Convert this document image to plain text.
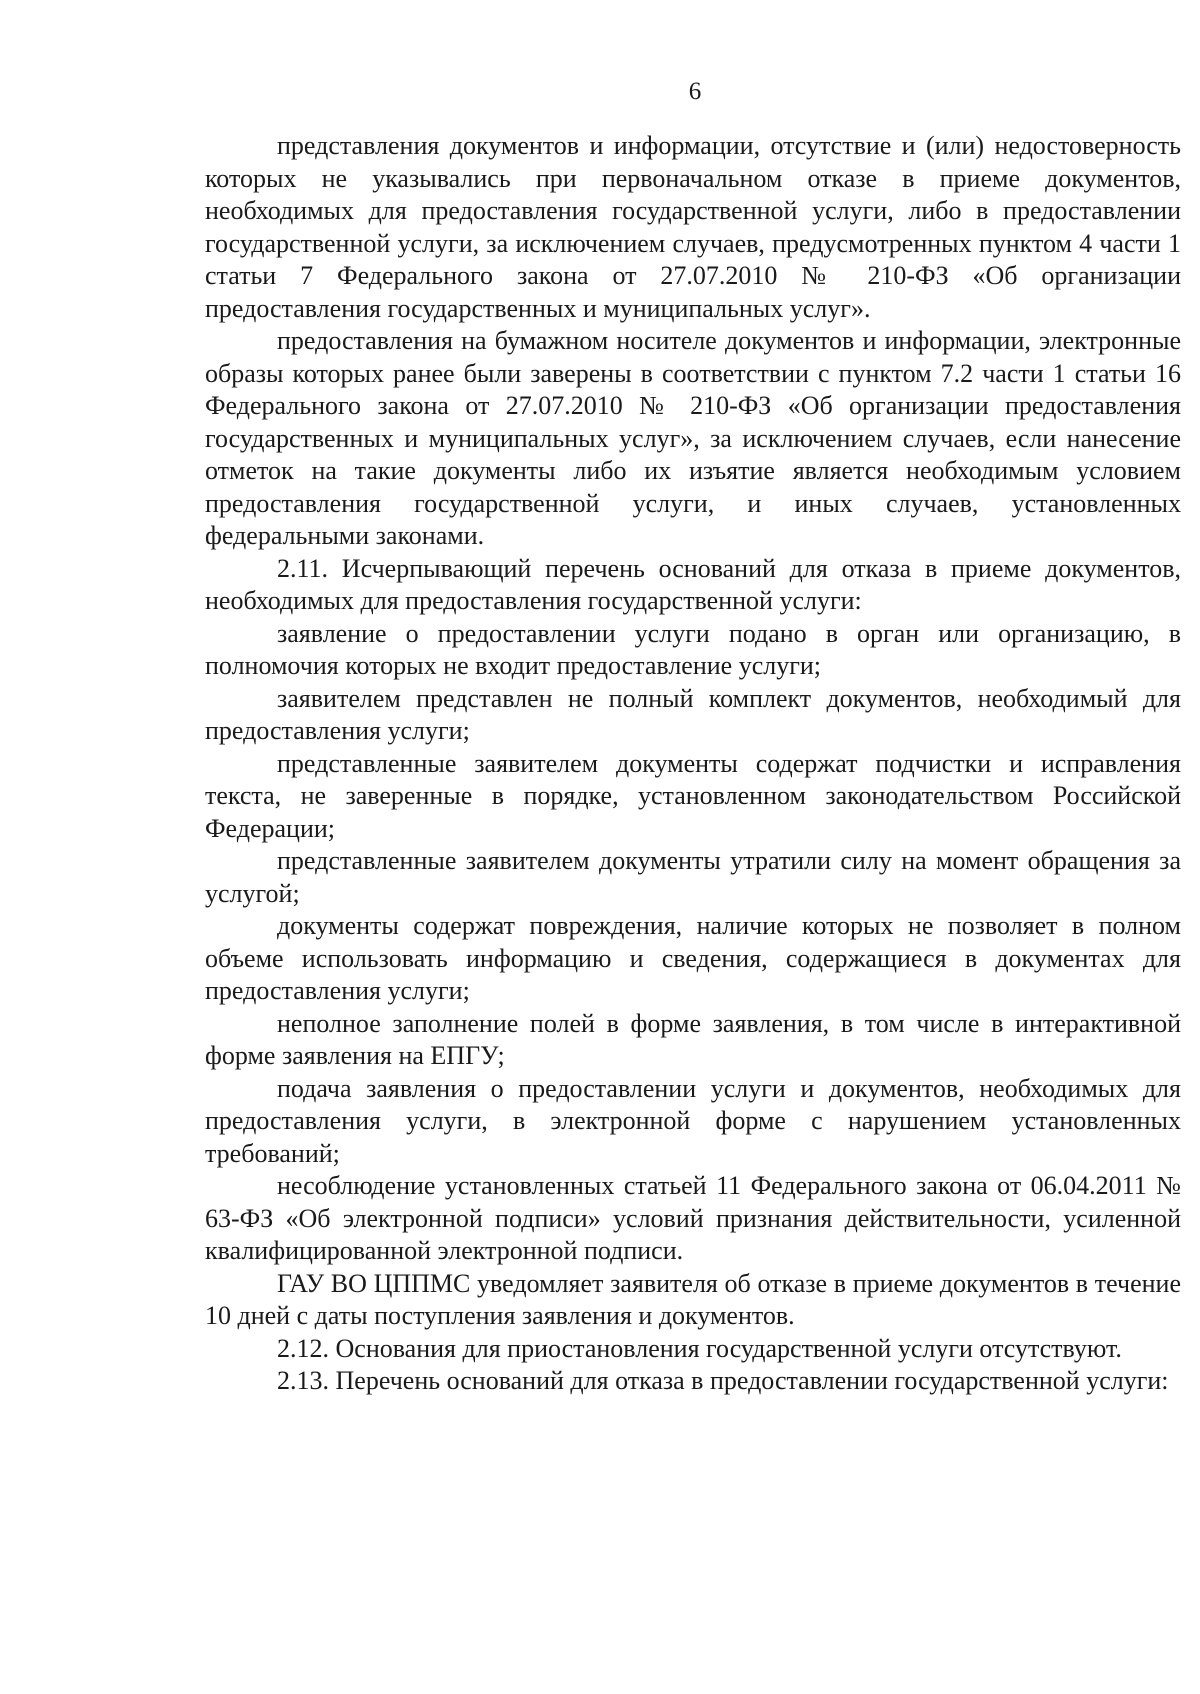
6

представления документов и информации, отсутствие и (или) недостоверность которых не указывались при первоначальном отказе в приеме документов, необходимых для предоставления государственной услуги, либо в предоставлении государственной услуги, за исключением случаев, предусмотренных пунктом 4 части 1 статьи 7 Федерального закона от 27.07.2010 № 210-ФЗ «Об организации предоставления государственных и муниципальных услуг».

предоставления на бумажном носителе документов и информации, электронные образы которых ранее были заверены в соответствии с пунктом 7.2 части 1 статьи 16 Федерального закона от 27.07.2010 № 210-ФЗ «Об организации предоставления государственных и муниципальных услуг», за исключением случаев, если нанесение отметок на такие документы либо их изъятие является необходимым условием предоставления государственной услуги, и иных случаев, установленных федеральными законами.

2.11. Исчерпывающий перечень оснований для отказа в приеме документов, необходимых для предоставления государственной услуги:

заявление о предоставлении услуги подано в орган или организацию, в полномочия которых не входит предоставление услуги;

заявителем представлен не полный комплект документов, необходимый для предоставления услуги;

представленные заявителем документы содержат подчистки и исправления текста, не заверенные в порядке, установленном законодательством Российской Федерации;

представленные заявителем документы утратили силу на момент обращения за услугой;

документы содержат повреждения, наличие которых не позволяет в полном объеме использовать информацию и сведения, содержащиеся в документах для предоставления услуги;

неполное заполнение полей в форме заявления, в том числе в интерактивной форме заявления на ЕПГУ;

подача заявления о предоставлении услуги и документов, необходимых для предоставления услуги, в электронной форме с нарушением установленных требований;

несоблюдение установленных статьей 11 Федерального закона от 06.04.2011 № 63-ФЗ «Об электронной подписи» условий признания действительности, усиленной квалифицированной электронной подписи.

ГАУ ВО ЦППМС уведомляет заявителя об отказе в приеме документов в течение 10 дней с даты поступления заявления и документов.

2.12. Основания для приостановления государственной услуги отсутствуют.

2.13. Перечень оснований для отказа в предоставлении государственной услуги:
